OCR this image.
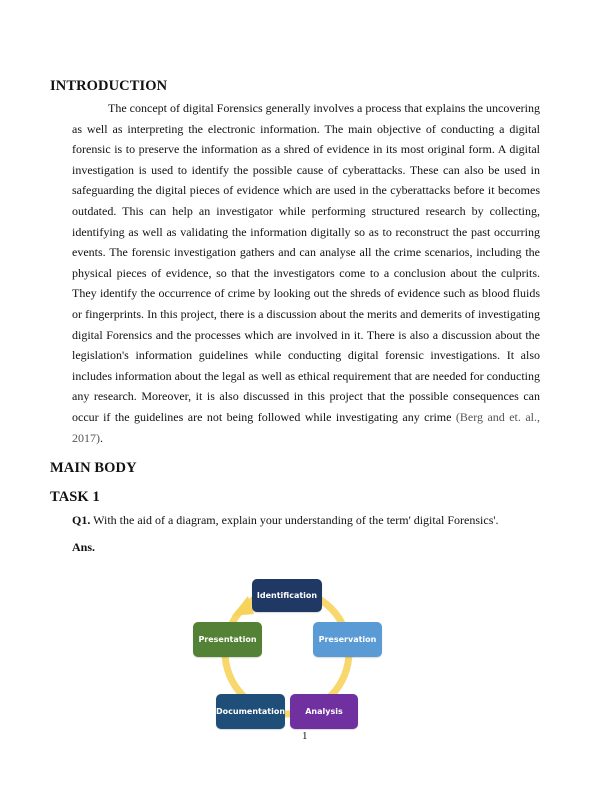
INTRODUCTION

The concept of digital Forensics generally involves a process that explains the uncovering as well as interpreting the electronic information. The main objective of conducting a digital forensic is to preserve the information as a shred of evidence in its most original form. A digital investigation is used to identify the possible cause of cyberattacks. These can also be used in safeguarding the digital pieces of evidence which are used in the cyberattacks before it becomes outdated. This can help an investigator while performing structured research by collecting, identifying as well as validating the information digitally so as to reconstruct the past occurring events. The forensic investigation gathers and can analyse all the crime scenarios, including the physical pieces of evidence, so that the investigators come to a conclusion about the culprits. They identify the occurrence of crime by looking out the shreds of evidence such as blood fluids or fingerprints. In this project, there is a discussion about the merits and demerits of investigating digital Forensics and the processes which are involved in it. There is also a discussion about the legislation's information guidelines while conducting digital forensic investigations. It also includes information about the legal as well as ethical requirement that are needed for conducting any research. Moreover, it is also discussed in this project that the possible consequences can occur if the guidelines are not being followed while investigating any crime (Berg and et. al., 2017).

MAIN BODY
TASK 1
Q1. With the aid of a diagram, explain your understanding of the term' digital Forensics'.
Ans.
Identification
Preservation
Analysis
Documentation
Presentation
1
